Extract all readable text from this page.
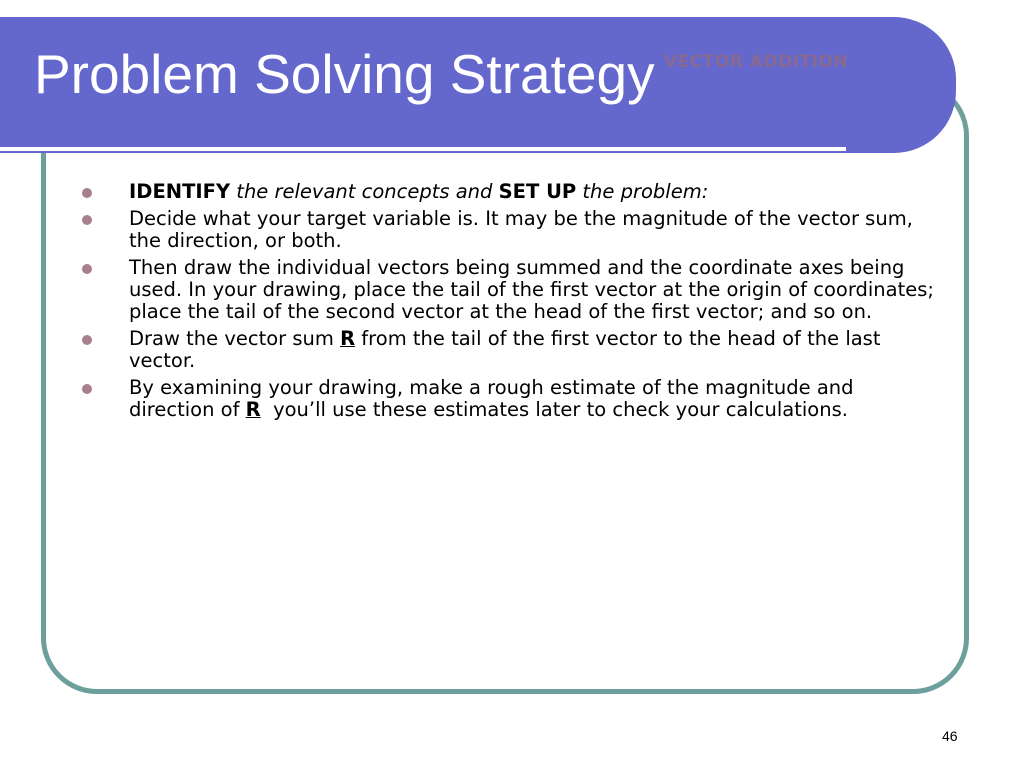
Problem Solving Strategy VECTOR ADDITION
IDENTIFY the relevant concepts and SET UP the problem:
Decide what your target variable is. It may be the magnitude of the vector sum, the direction, or both.
Then draw the individual vectors being summed and the coordinate axes being used. In your drawing, place the tail of the first vector at the origin of coordinates; place the tail of the second vector at the head of the first vector; and so on.
Draw the vector sum R from the tail of the first vector to the head of the last vector.
By examining your drawing, make a rough estimate of the magnitude and direction of R  you’ll use these estimates later to check your calculations.
46
